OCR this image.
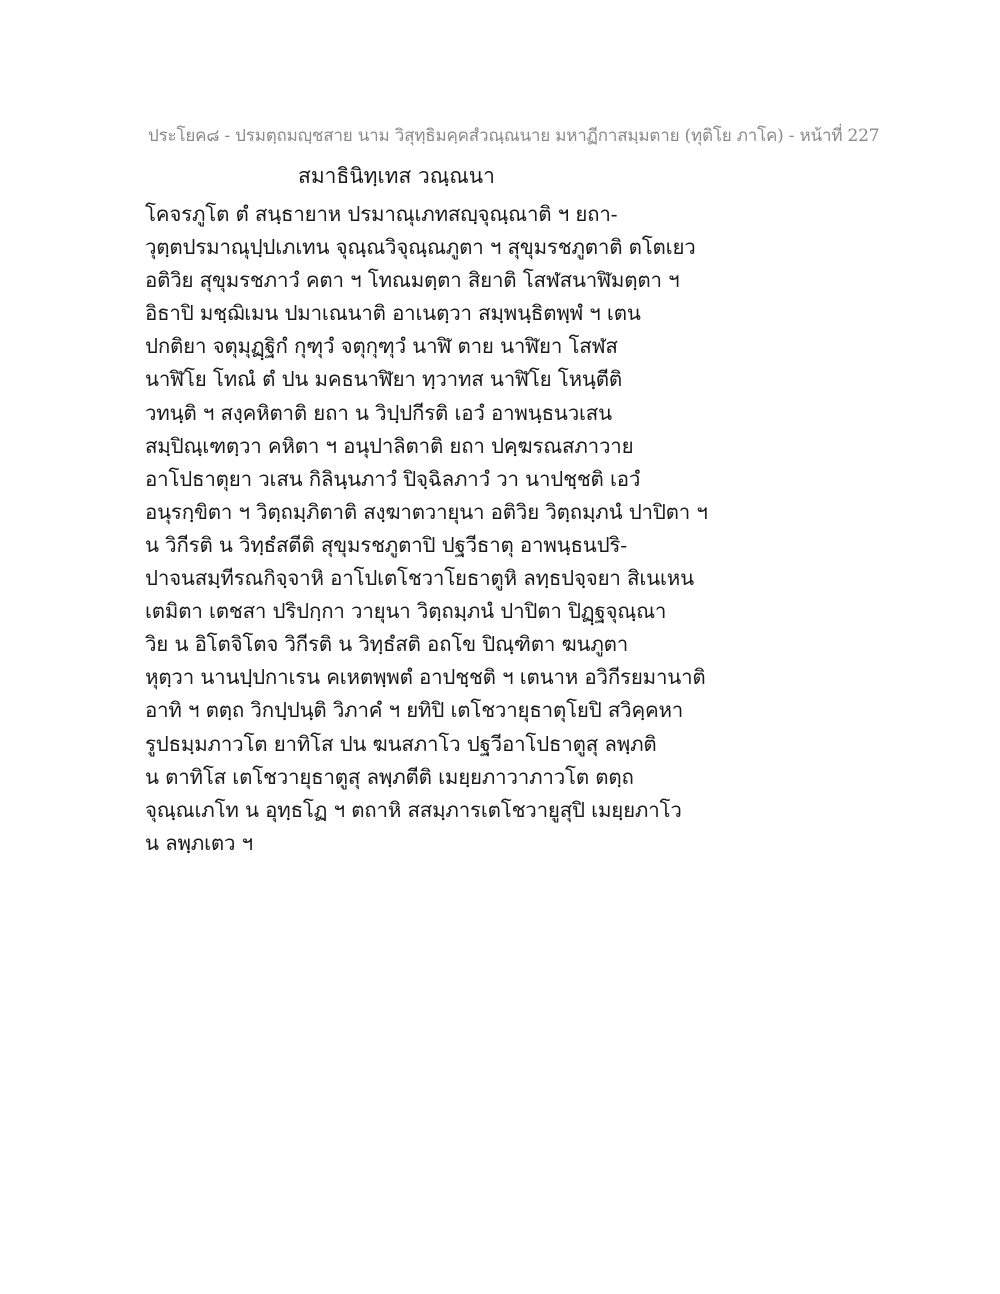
ประโยค๘ - ปรมตฺถมญฺชสาย นาม วิสุทฺธิมคฺคสํวณฺณนาย มหาฏีกาสมฺมตาย (ทุติโย ภาโค) - หน้าที่ 227
สมาธินิทฺเทส วณฺณนา
โคจรภูโต ตํ สนฺธายาห ปรมาณุเภทสญฺจุณฺณาติ ฯ ยถา-
วุตฺตปรมาณุปฺปเภเทน จุณฺณวิจุณฺณภูตา ฯ สุขุมรชภูตาติ ตโตเยว
อติวิย สุขุมรชภาวํ คตา ฯ โทณมตฺตา สิยาติ โสฬสนาฬิมตฺตา ฯ
อิธาปิ มชฺฌิเมน ปมาเณนาติ อาเนตฺวา สมฺพนฺธิตพฺพํ ฯ เตน
ปกติยา จตุมุฏฺฐิกํ กุฑุวํ จตุกุฑุวํ นาฬิ ตาย นาฬิยา โสฬส
นาฬิโย โทณํ ตํ ปน มคธนาฬิยา ทฺวาทส นาฬิโย โหนฺตีติ
วทนฺติ ฯ สงฺคหิตาติ ยถา น วิปฺปกีรติ เอวํ อาพนฺธนวเสน
สมฺปิณฺเฑตฺวา คหิตา ฯ อนุปาลิตาติ ยถา ปคฺฆรณสภาวาย
อาโปธาตุยา วเสน กิลินฺนภาวํ ปิจฺฉิลภาวํ วา นาปชฺชติ เอวํ
อนุรกฺขิตา ฯ วิตฺถมฺภิตาติ สงฺฆาตวายุนา อติวิย วิตฺถมฺภนํ ปาปิตา ฯ
น วิกีรติ น วิทฺธํสตีติ สุขุมรชภูตาปิ ปฐวีธาตุ อาพนฺธนปริ-
ปาจนสมฺทีรณกิจฺจาหิ อาโปเตโชวาโยธาตูหิ ลทฺธปจฺจยา สิเนเหน
เตมิตา เตชสา ปริปกฺกา วายุนา วิตฺถมฺภนํ ปาปิตา ปิฏฺฐจุณฺณา
วิย น อิโตจิโตจ วิกีรติ น วิทฺธํสติ อถโข ปิณฺฑิตา ฆนภูตา
หุตฺวา นานปฺปกาเรน คเหตพฺพตํ อาปชฺชติ ฯ เตนาห อวิกีรยมานาติ
อาทิ ฯ ตตฺถ วิกปฺปนฺติ วิภาคํ ฯ ยทิปิ เตโชวายุธาตุโยปิ สวิคฺคหา
รูปธมฺมภาวโต ยาทิโส ปน ฆนสภาโว ปฐวีอาโปธาตูสุ ลพฺภติ
น ตาทิโส เตโชวายุธาตูสุ ลพฺภตีติ เมยฺยภาวาภาวโต ตตฺถ
จุณฺณเภโท น อุทฺธโฏ ฯ ตถาหิ สสมฺภารเตโชวายูสุปิ เมยฺยภาโว
น ลพฺภเตว ฯ
